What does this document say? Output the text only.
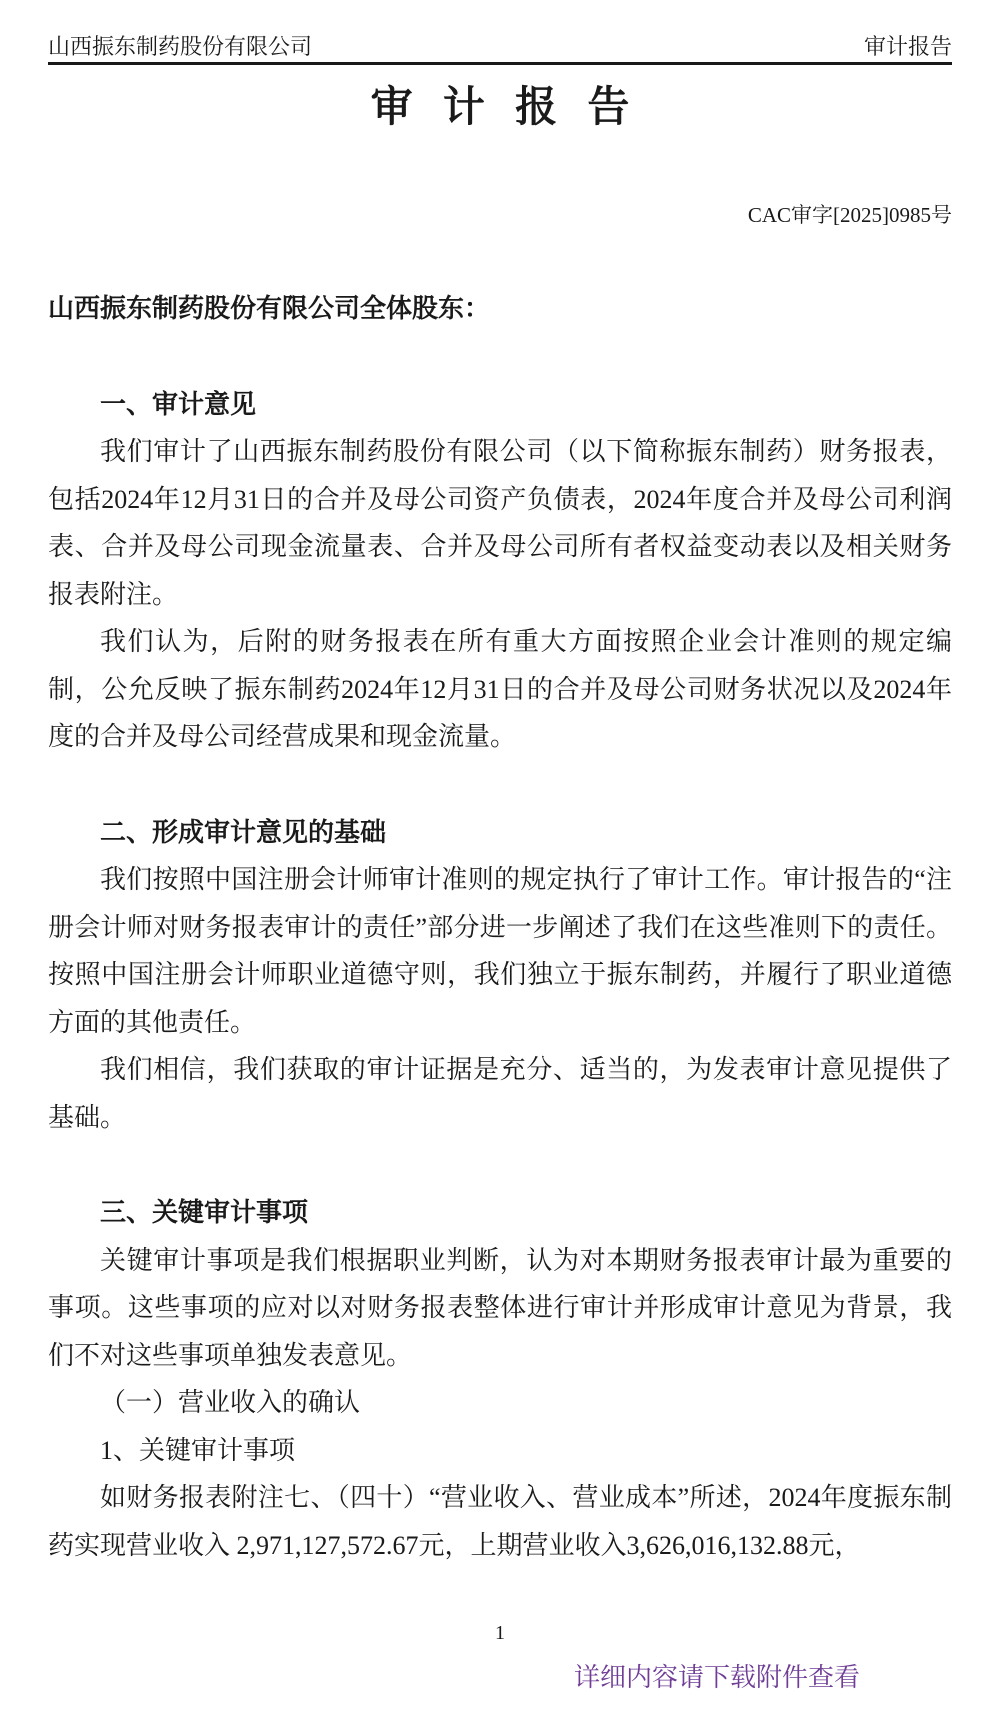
山西振东制药股份有限公司	审计报告
审计报告
CAC审字[2025]0985号
山西振东制药股份有限公司全体股东：
一、审计意见

我们审计了山西振东制药股份有限公司（以下简称振东制药）财务报表，包括2024年12月31日的合并及母公司资产负债表，2024年度合并及母公司利润表、合并及母公司现金流量表、合并及母公司所有者权益变动表以及相关财务报表附注。

我们认为，后附的财务报表在所有重大方面按照企业会计准则的规定编制，公允反映了振东制药2024年12月31日的合并及母公司财务状况以及2024年度的合并及母公司经营成果和现金流量。

二、形成审计意见的基础

我们按照中国注册会计师审计准则的规定执行了审计工作。审计报告的“注册会计师对财务报表审计的责任”部分进一步阐述了我们在这些准则下的责任。按照中国注册会计师职业道德守则，我们独立于振东制药，并履行了职业道德方面的其他责任。

我们相信，我们获取的审计证据是充分、适当的，为发表审计意见提供了基础。

三、关键审计事项

关键审计事项是我们根据职业判断，认为对本期财务报表审计最为重要的事项。这些事项的应对以对财务报表整体进行审计并形成审计意见为背景，我们不对这些事项单独发表意见。

（一）营业收入的确认

1、关键审计事项

如财务报表附注七、（四十）“营业收入、营业成本”所述，2024年度振东制药实现营业收入 2,971,127,572.67元，上期营业收入3,626,016,132.88元，

1
详细内容请下载附件查看
